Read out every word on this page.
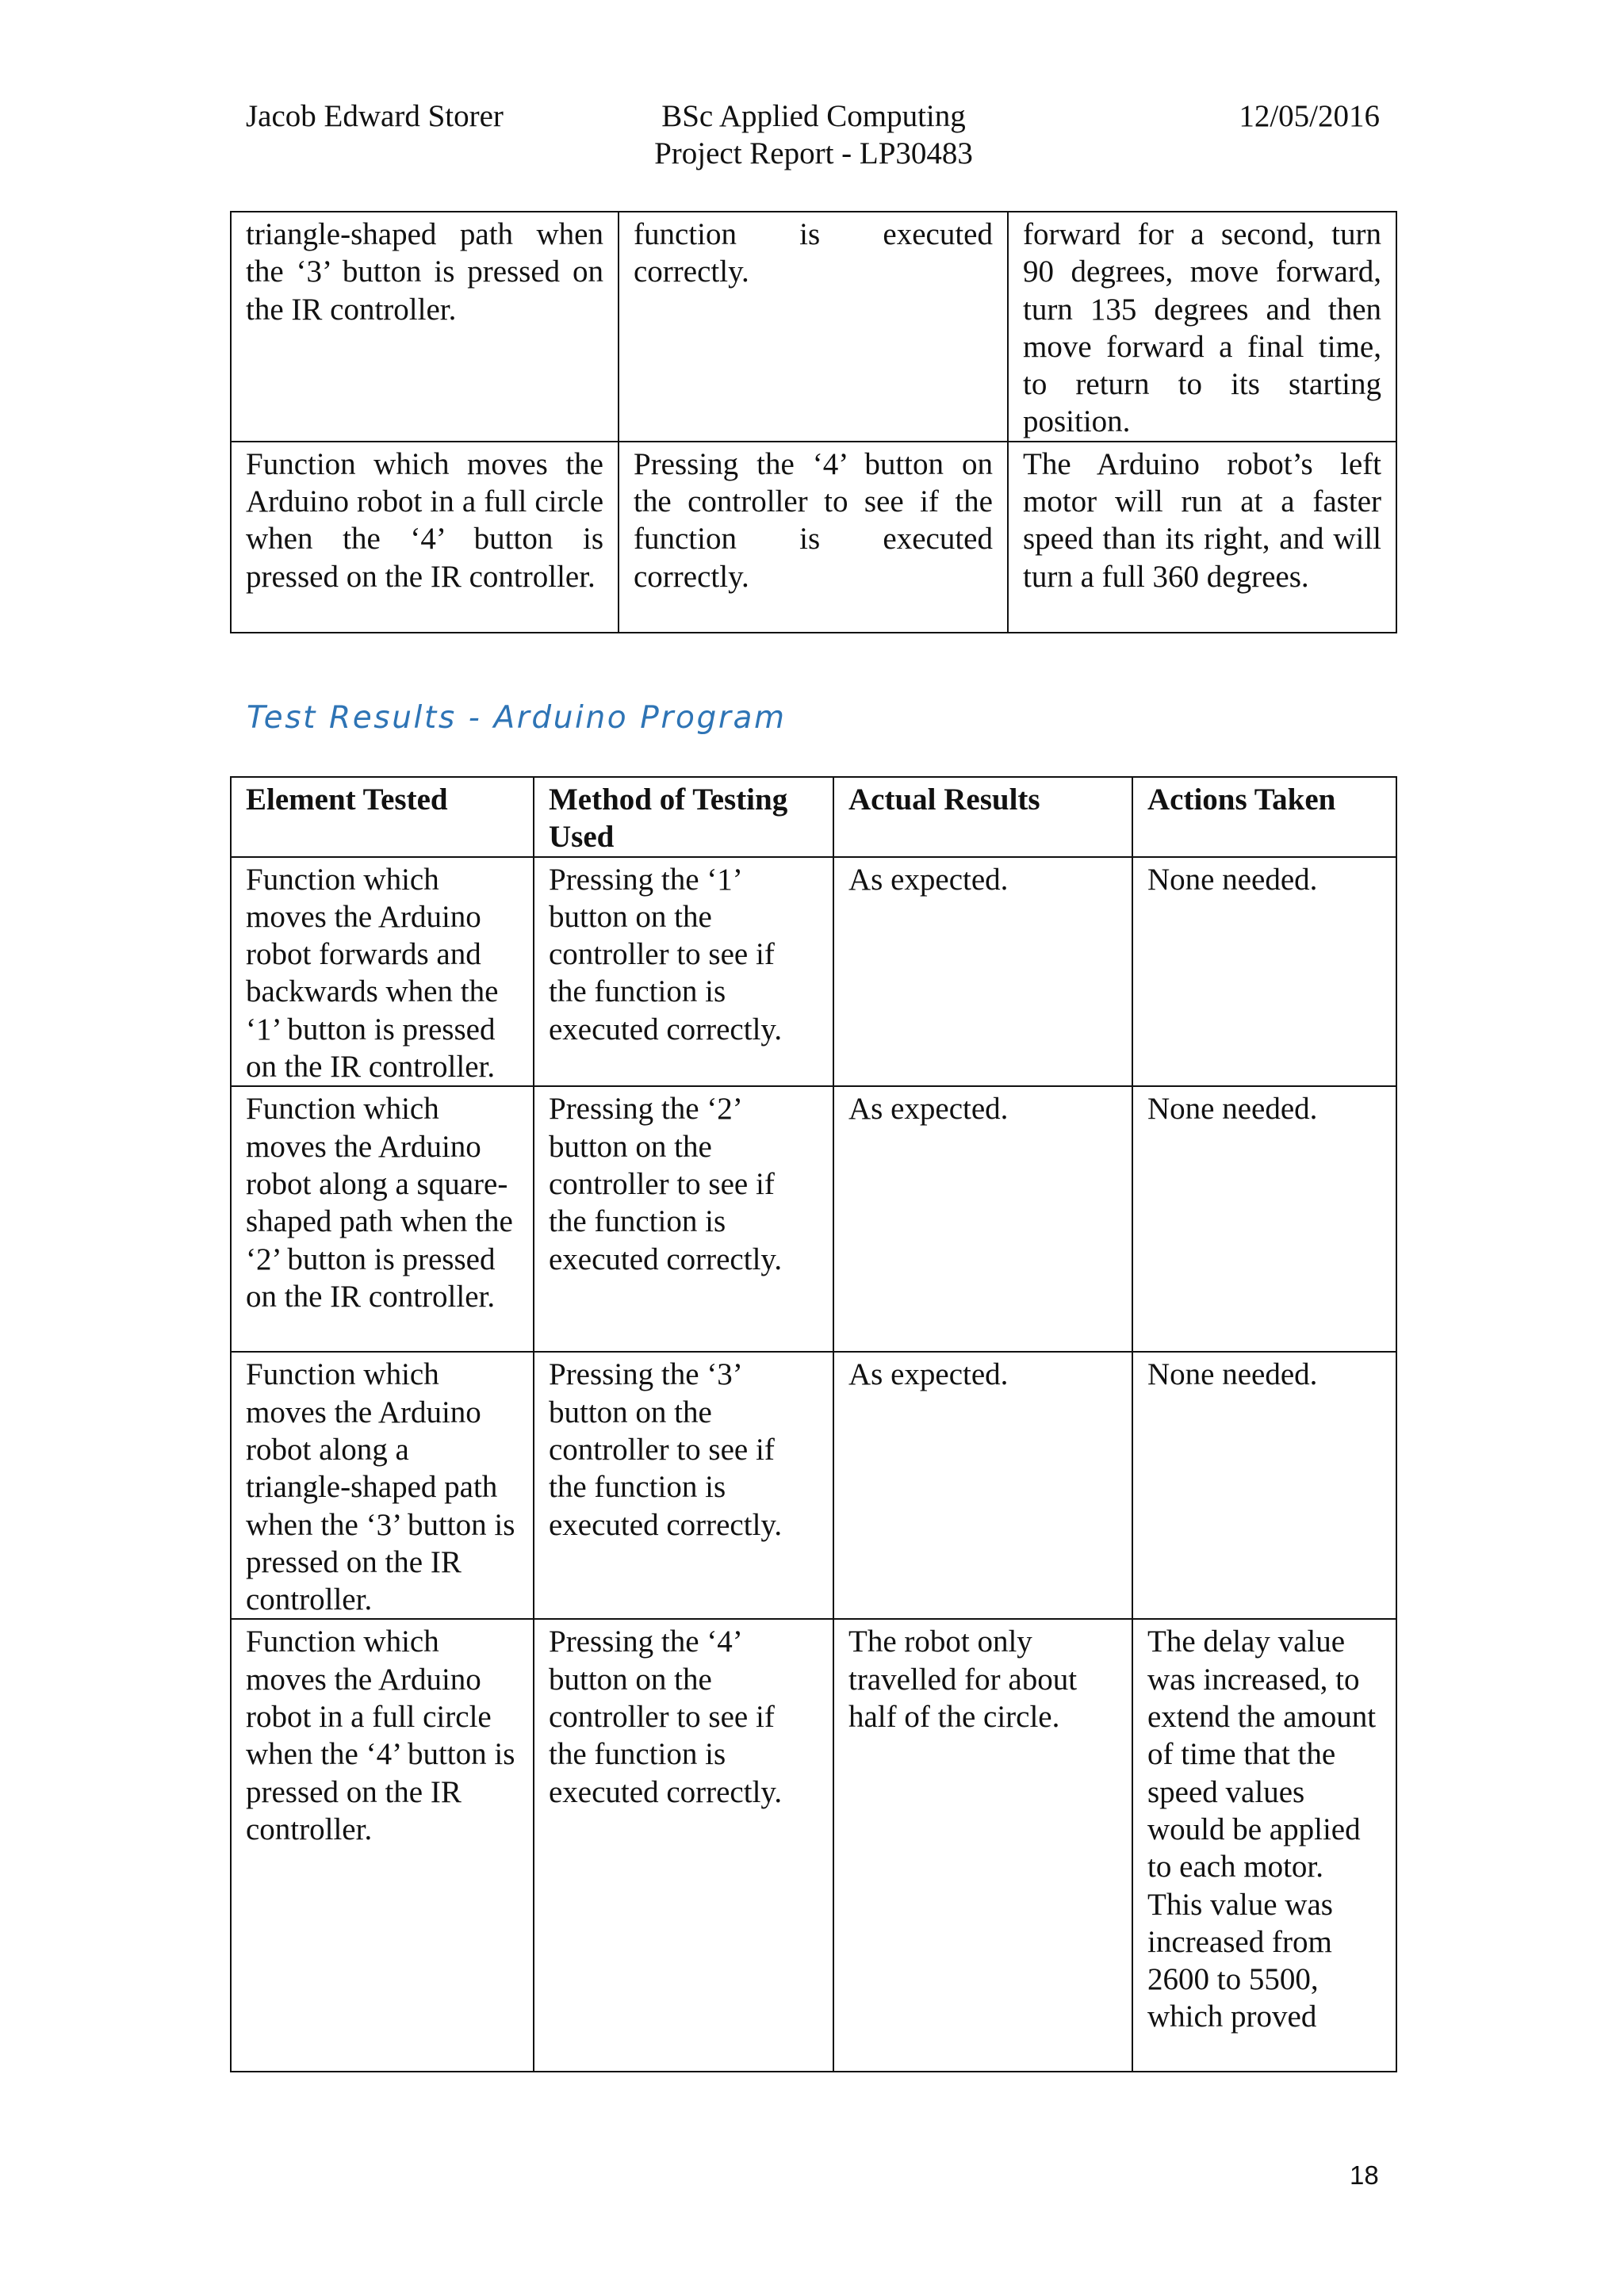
Jacob Edward Storer	BSc Applied Computing
Project Report - LP30483
12/05/2016
triangle-shaped path when the ‘3’ button is pressed on the IR controller.	function is executed correctly.	forward for a second, turn 90 degrees, move forward, turn 135 degrees and then move forward a final time, to return to its starting position.
Function which moves the Arduino robot in a full circle when the ‘4’ button is pressed on the IR controller.	Pressing the ‘4’ button on the controller to see if the function is executed correctly.	The Arduino robot’s left motor will run at a faster speed than its right, and will turn a full 360 degrees.
Test Results - Arduino Program
Element Tested	Method of Testing Used	Actual Results	Actions Taken
Function which moves the Arduino robot forwards and backwards when the ‘1’ button is pressed on the IR controller.	Pressing the ‘1’ button on the controller to see if the function is executed correctly.	As expected.	None needed.
Function which moves the Arduino robot along a square-shaped path when the ‘2’ button is pressed on the IR controller.	Pressing the ‘2’ button on the controller to see if the function is executed correctly.	As expected.	None needed.
Function which moves the Arduino robot along a triangle-shaped path when the ‘3’ button is pressed on the IR controller.	Pressing the ‘3’ button on the controller to see if the function is executed correctly.	As expected.	None needed.
Function which moves the Arduino robot in a full circle when the ‘4’ button is pressed on the IR controller.	Pressing the ‘4’ button on the controller to see if the function is executed correctly.	The robot only travelled for about half of the circle.	The delay value was increased, to extend the amount of time that the speed values would be applied to each motor. This value was increased from 2600 to 5500, which proved
18
